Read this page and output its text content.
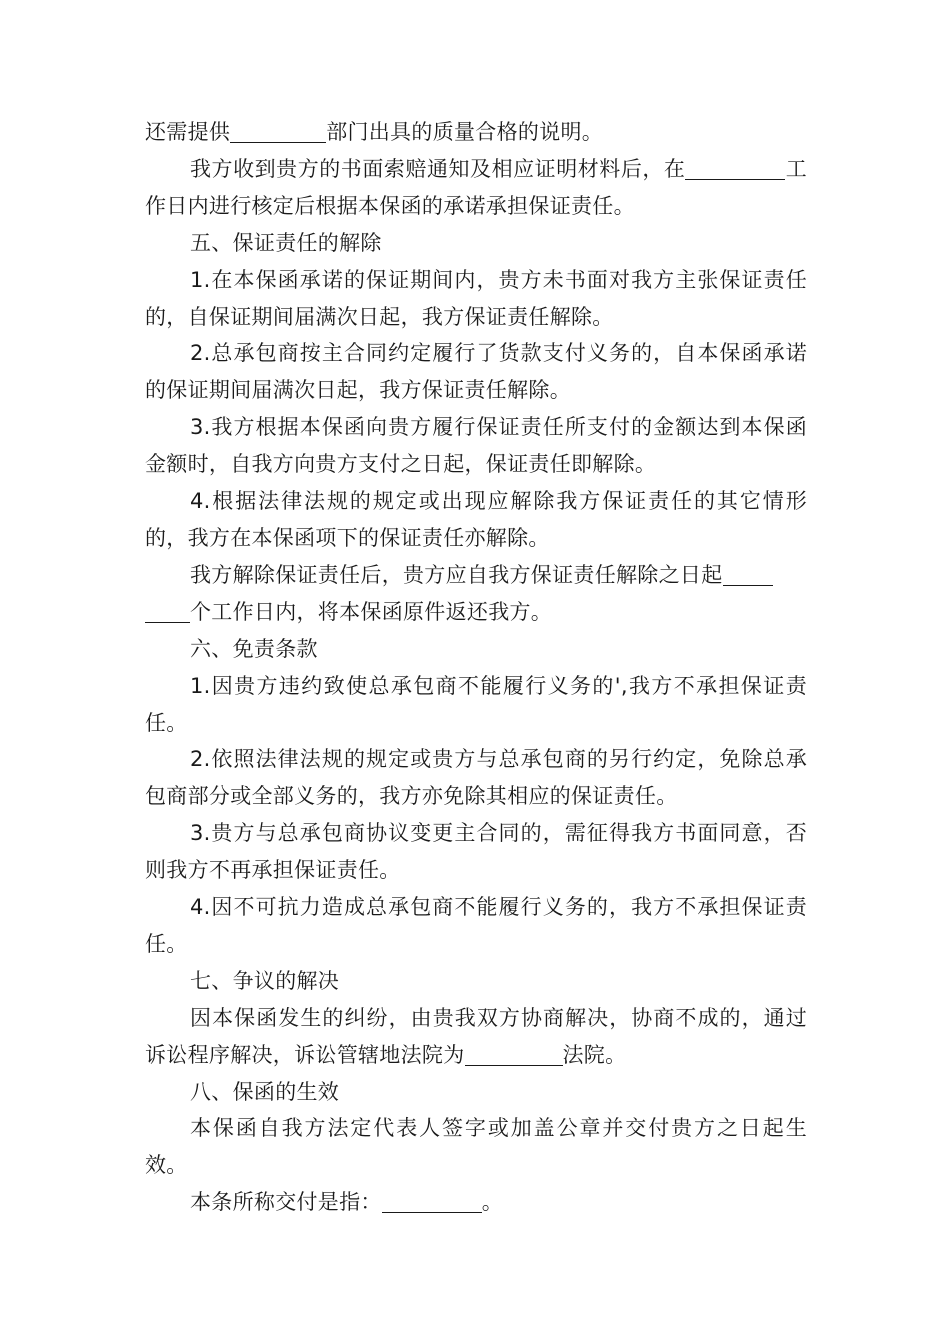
还需提供	部门出具的质量合格的说明。

我方收到贵方的书面索赔通知及相应证明材料后，在	工作日内进行核定后根据本保函的承诺承担保证责任。

五、保证责任的解除

1.在本保函承诺的保证期间内，贵方未书面对我方主张保证责任的，自保证期间届满次日起，我方保证责任解除。

2.总承包商按主合同约定履行了货款支付义务的，自本保函承诺的保证期间届满次日起，我方保证责任解除。

3.我方根据本保函向贵方履行保证责任所支付的金额达到本保函金额时，自我方向贵方支付之日起，保证责任即解除。

4.根据法律法规的规定或出现应解除我方保证责任的其它情形的，我方在本保函项下的保证责任亦解除。

我方解除保证责任后，贵方应自我方保证责任解除之日起
个工作日内，将本保函原件返还我方。

六、免责条款

1.因贵方违约致使总承包商不能履行义务的',我方不承担保证责任。

2.依照法律法规的规定或贵方与总承包商的另行约定，免除总承包商部分或全部义务的，我方亦免除其相应的保证责任。

3.贵方与总承包商协议变更主合同的，需征得我方书面同意，否则我方不再承担保证责任。

4.因不可抗力造成总承包商不能履行义务的，我方不承担保证责任。

七、争议的解决

因本保函发生的纠纷，由贵我双方协商解决，协商不成的，通过诉讼程序解决，诉讼管辖地法院为	法院。

八、保函的生效

本保函自我方法定代表人签字或加盖公章并交付贵方之日起生效。

本条所称交付是指：	。
